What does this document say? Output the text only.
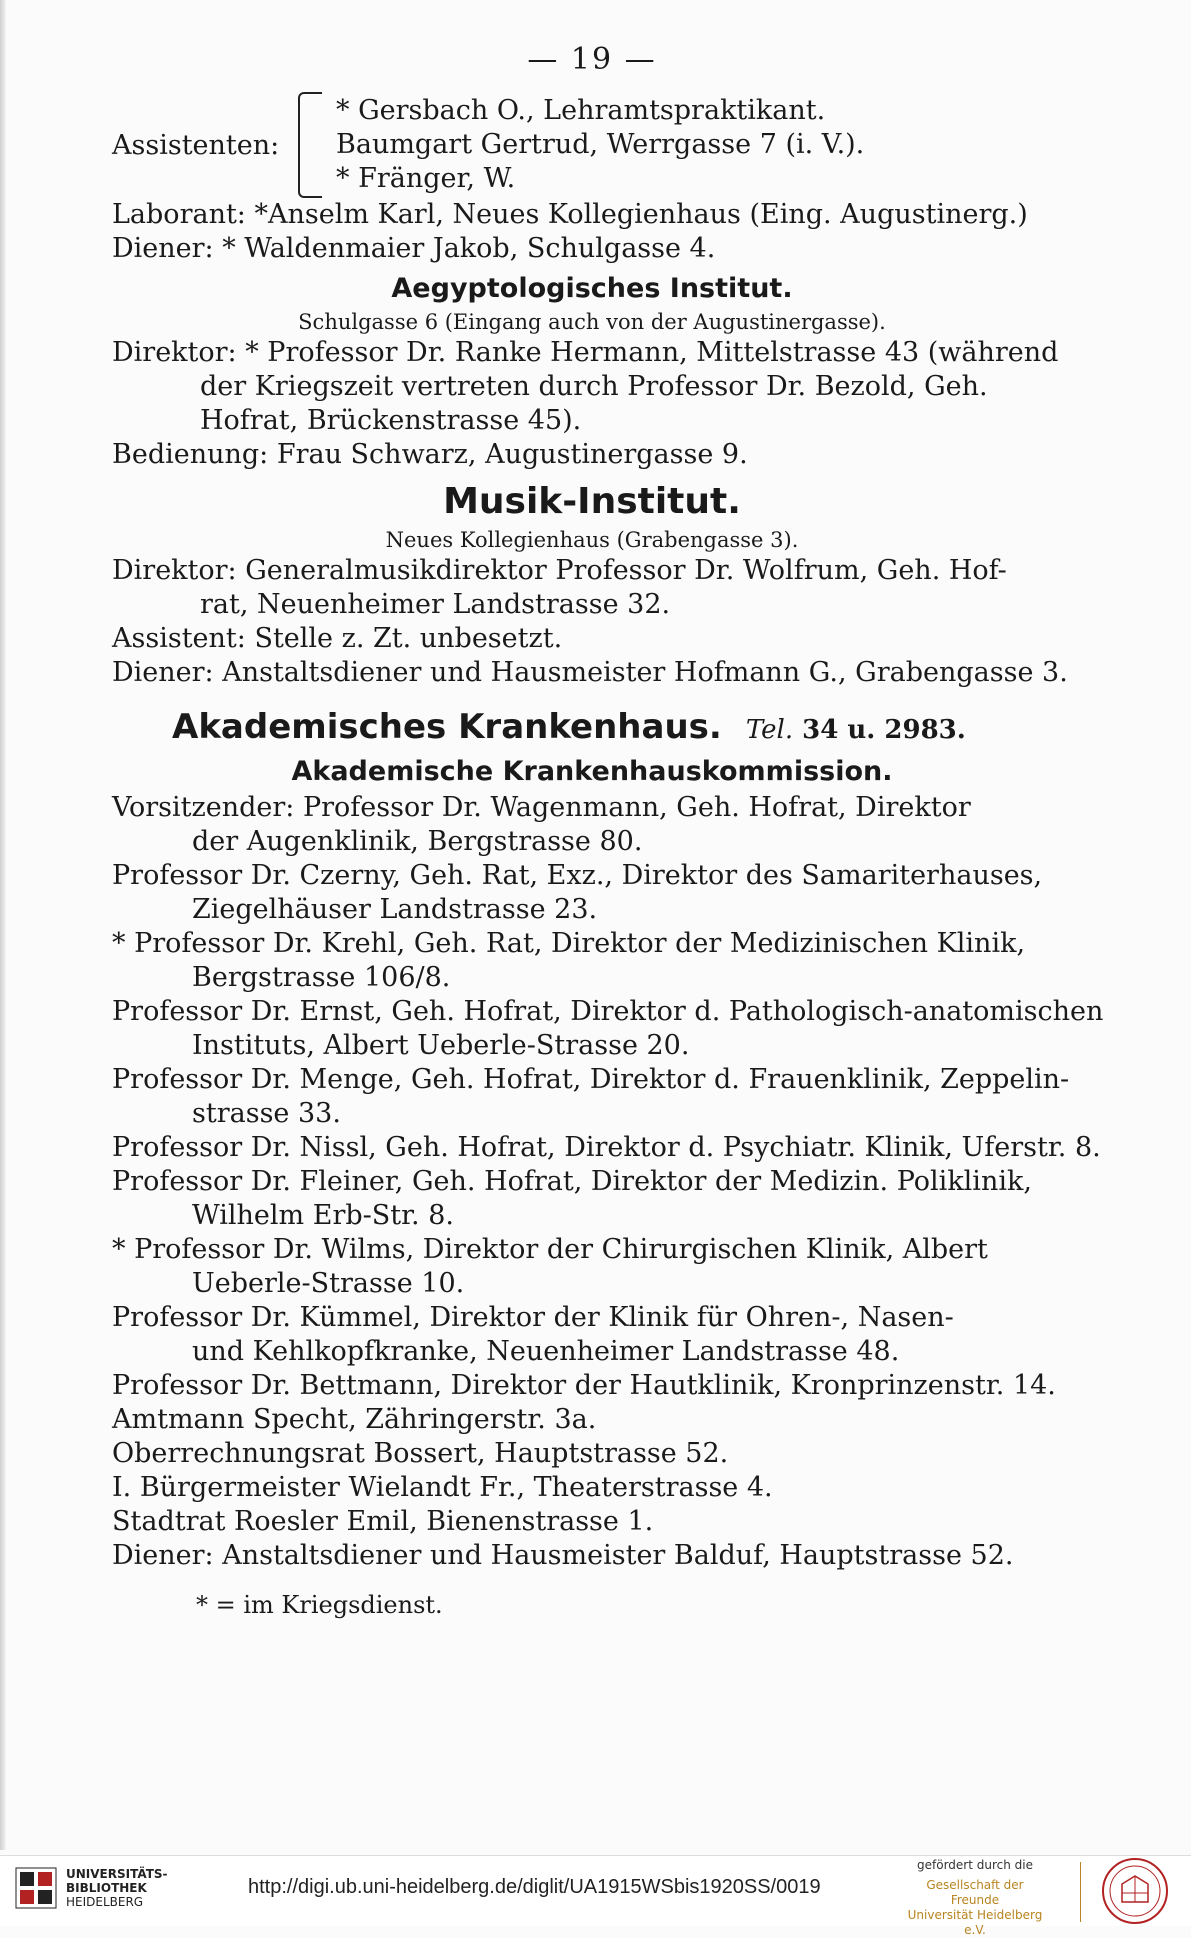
— 19 —
Assistenten:
* Gersbach O., Lehramtspraktikant.
Baumgart Gertrud, Werrgasse 7 (i. V.).
* Fränger, W.
Laborant: *Anselm Karl, Neues Kollegienhaus (Eing. Augustinerg.)
Diener: * Waldenmaier Jakob, Schulgasse 4.
Aegyptologisches Institut.
Schulgasse 6 (Eingang auch von der Augustinergasse).
Direktor: * Professor Dr. Ranke Hermann, Mittelstrasse 43 (während
der Kriegszeit vertreten durch Professor Dr. Bezold, Geh.
Hofrat, Brückenstrasse 45).
Bedienung: Frau Schwarz, Augustinergasse 9.
Musik-Institut.
Neues Kollegienhaus (Grabengasse 3).
Direktor: Generalmusikdirektor Professor Dr. Wolfrum, Geh. Hof-
rat, Neuenheimer Landstrasse 32.
Assistent: Stelle z. Zt. unbesetzt.
Diener: Anstaltsdiener und Hausmeister Hofmann G., Grabengasse 3.
Akademisches Krankenhaus. Tel. 34 u. 2983.
Akademische Krankenhauskommission.
Vorsitzender: Professor Dr. Wagenmann, Geh. Hofrat, Direktor
der Augenklinik, Bergstrasse 80.
Professor Dr. Czerny, Geh. Rat, Exz., Direktor des Samariterhauses,
Ziegelhäuser Landstrasse 23.
* Professor Dr. Krehl, Geh. Rat, Direktor der Medizinischen Klinik,
Bergstrasse 106/8.
Professor Dr. Ernst, Geh. Hofrat, Direktor d. Pathologisch-anatomischen
Instituts, Albert Ueberle-Strasse 20.
Professor Dr. Menge, Geh. Hofrat, Direktor d. Frauenklinik, Zeppelin-
strasse 33.
Professor Dr. Nissl, Geh. Hofrat, Direktor d. Psychiatr. Klinik, Uferstr. 8.
Professor Dr. Fleiner, Geh. Hofrat, Direktor der Medizin. Poliklinik,
Wilhelm Erb-Str. 8.
* Professor Dr. Wilms, Direktor der Chirurgischen Klinik, Albert
Ueberle-Strasse 10.
Professor Dr. Kümmel, Direktor der Klinik für Ohren-, Nasen-
und Kehlkopfkranke, Neuenheimer Landstrasse 48.
Professor Dr. Bettmann, Direktor der Hautklinik, Kronprinzenstr. 14.
Amtmann Specht, Zähringerstr. 3a.
Oberrechnungsrat Bossert, Hauptstrasse 52.
I. Bürgermeister Wielandt Fr., Theaterstrasse 4.
Stadtrat Roesler Emil, Bienenstrasse 1.
Diener: Anstaltsdiener und Hausmeister Balduf, Hauptstrasse 52.
* = im Kriegsdienst.
UNIVERSITÄTS-
BIBLIOTHEK
HEIDELBERG
http://digi.ub.uni-heidelberg.de/diglit/UA1915WSbis1920SS/0019
gefördert durch die
Gesellschaft der Freunde
Universität Heidelberg e.V.
